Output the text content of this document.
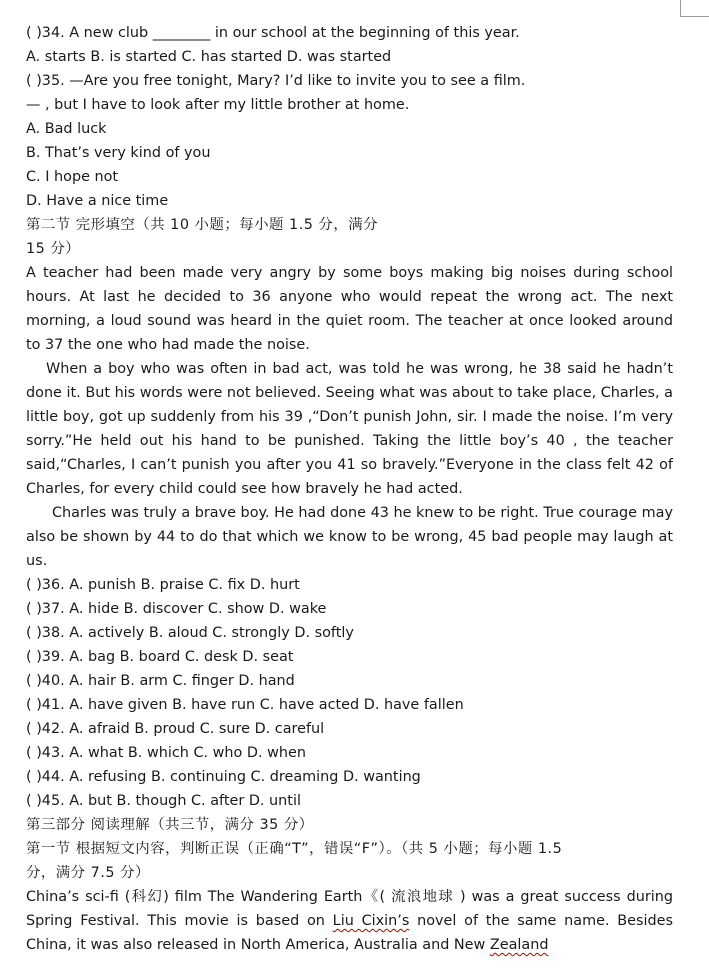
( )34. A new club ________ in our school at the beginning of this year.
A. starts B. is started C. has started D. was started
( )35. —Are you free tonight, Mary? I’d like to invite you to see a film.
— , but I have to look after my little brother at home.
A. Bad luck
B. That’s very kind of you
C. I hope not
D. Have a nice time
第二节 完形填空（共 10 小题；每小题 1.5 分，满分
15 分）
A teacher had been made very angry by some boys making big noises during school hours. At last he decided to 36 anyone who would repeat the wrong act. The next morning, a loud sound was heard in the quiet room. The teacher at once looked around to 37 the one who had made the noise.
When a boy who was often in bad act, was told he was wrong, he 38 said he hadn’t done it. But his words were not believed. Seeing what was about to take place, Charles, a little boy, got up suddenly from his 39 ,“Don’t punish John, sir. I made the noise. I’m very sorry.”He held out his hand to be punished. Taking the little boy’s 40 , the teacher said,“Charles, I can’t punish you after you 41 so bravely.”Everyone in the class felt 42 of Charles, for every child could see how bravely he had acted.
Charles was truly a brave boy. He had done 43 he knew to be right. True courage may also be shown by 44 to do that which we know to be wrong, 45 bad people may laugh at us.
( )36. A. punish B. praise C. fix D. hurt
( )37. A. hide B. discover C. show D. wake
( )38. A. actively B. aloud C. strongly D. softly
( )39. A. bag B. board C. desk D. seat
( )40. A. hair B. arm C. finger D. hand
( )41. A. have given B. have run C. have acted D. have fallen
( )42. A. afraid B. proud C. sure D. careful
( )43. A. what B. which C. who D. when
( )44. A. refusing B. continuing C. dreaming D. wanting
( )45. A. but B. though C. after D. until
第三部分 阅读理解（共三节，满分 35 分）
第一节 根据短文内容，判断正误（正确“T”，错误“F”）。（共 5 小题；每小题 1.5
分，满分 7.5 分）
China’s sci-fi (科幻) film The Wandering Earth《( 流浪地球 ) was a great success during Spring Festival. This movie is based on Liu Cixin’s novel of the same name. Besides China, it was also released in North America, Australia and New Zealand
